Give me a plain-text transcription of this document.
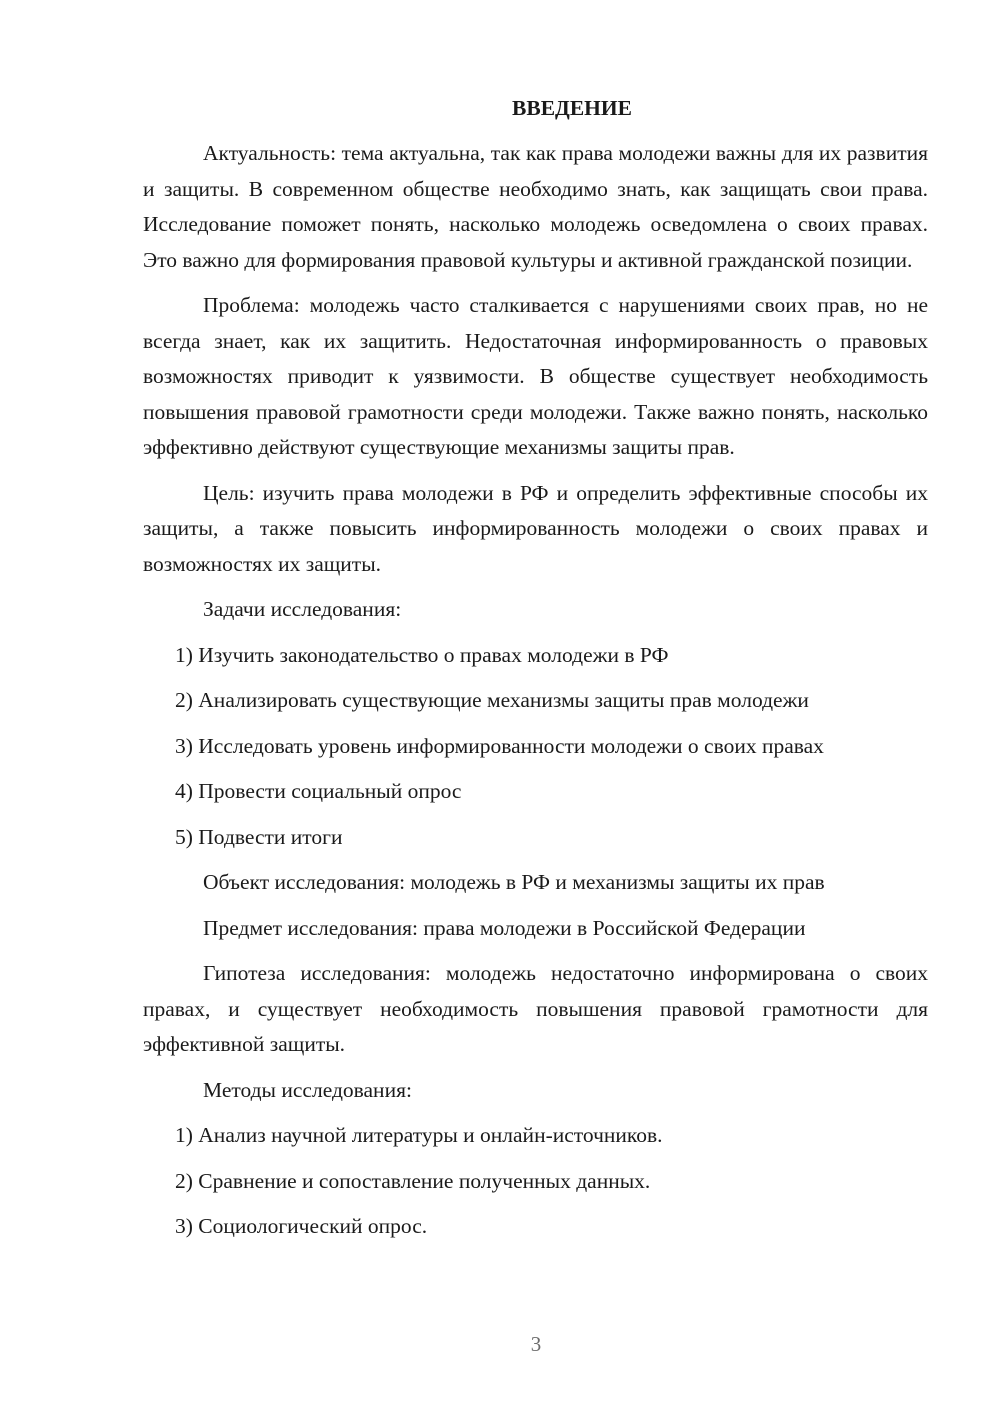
ВВЕДЕНИЕ

Актуальность: тема актуальна, так как права молодежи важны для их развития и защиты. В современном обществе необходимо знать, как защищать свои права. Исследование поможет понять, насколько молодежь осведомлена о своих правах. Это важно для формирования правовой культуры и активной гражданской позиции.

Проблема: молодежь часто сталкивается с нарушениями своих прав, но не всегда знает, как их защитить. Недостаточная информированность о правовых возможностях приводит к уязвимости. В обществе существует необходимость повышения правовой грамотности среди молодежи. Также важно понять, насколько эффективно действуют существующие механизмы защиты прав.

Цель: изучить права молодежи в РФ и определить эффективные способы их защиты, а также повысить информированность молодежи о своих правах и возможностях их защиты.

Задачи исследования:
1) Изучить законодательство о правах молодежи в РФ
2) Анализировать существующие механизмы защиты прав молодежи
3) Исследовать уровень информированности молодежи о своих правах
4) Провести социальный опрос
5) Подвести итоги
Объект исследования: молодежь в РФ и механизмы защиты их прав
Предмет исследования: права молодежи в Российской Федерации

Гипотеза исследования: молодежь недостаточно информирована о своих правах, и существует необходимость повышения правовой грамотности для эффективной защиты.

Методы исследования:
1) Анализ научной литературы и онлайн-источников.
2) Сравнение и сопоставление полученных данных.
3) Социологический опрос.
3
